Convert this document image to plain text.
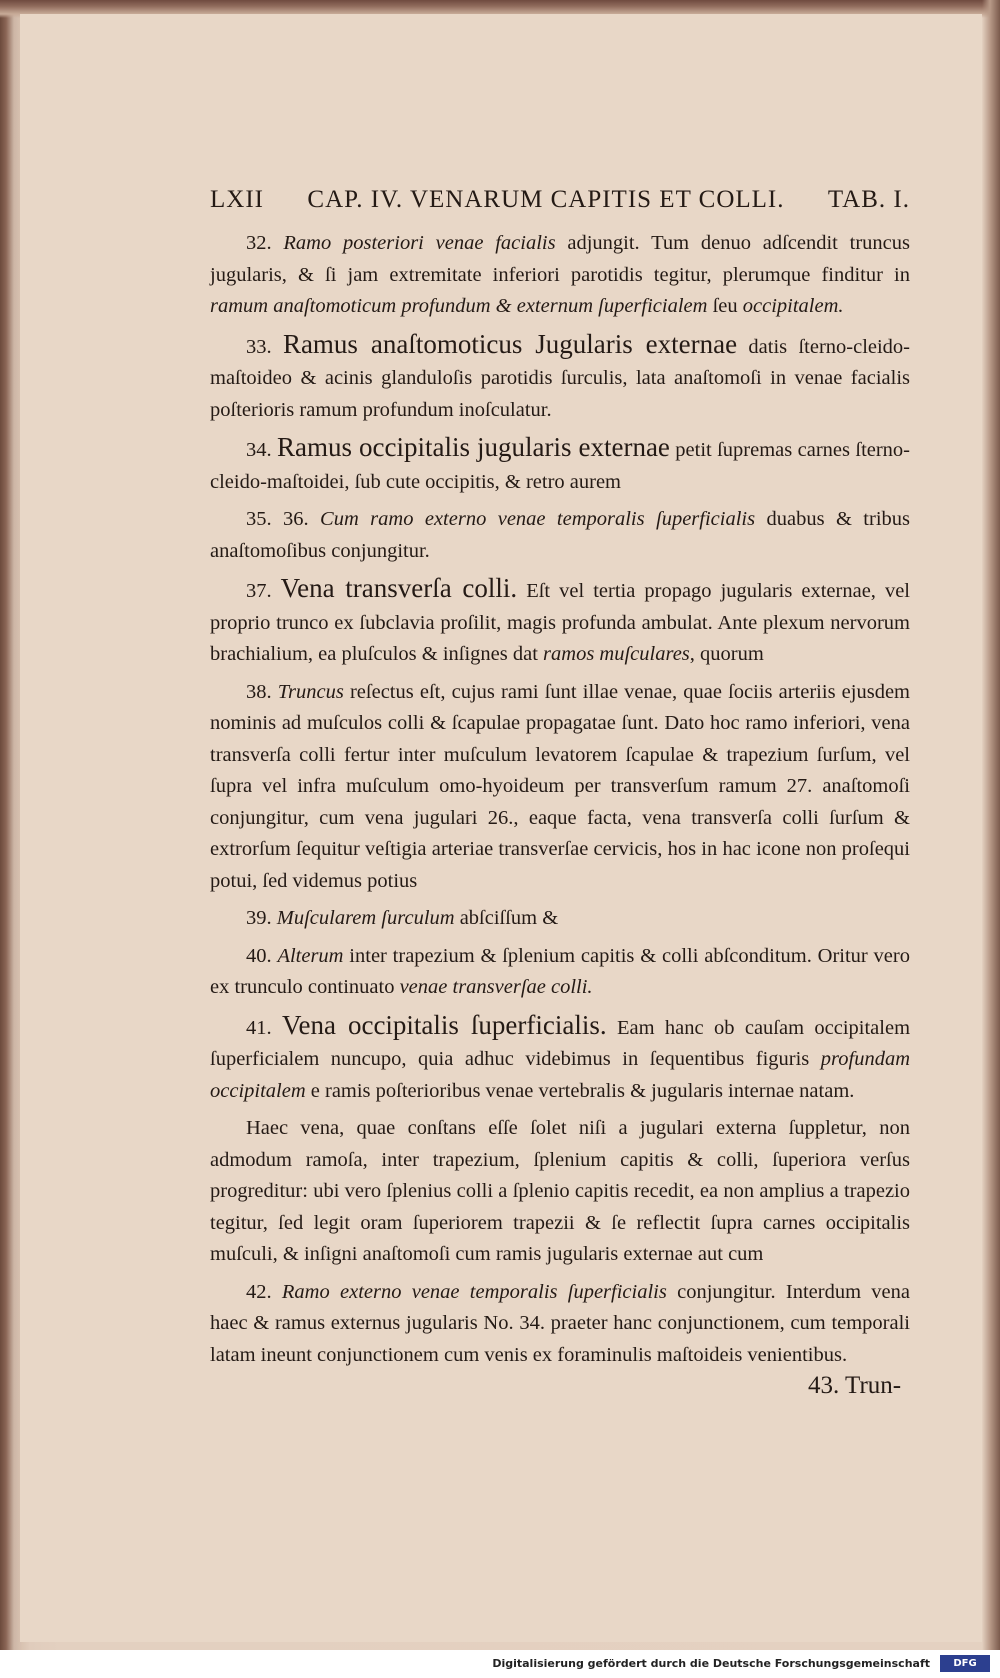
LXII CAP. IV. VENARUM CAPITIS ET COLLI. TAB. I.

32. Ramo posteriori venae facialis adjungit. Tum denuo adſcendit truncus jugularis, & ſi jam extremitate inferiori parotidis tegitur, plerumque finditur in ramum anaſtomoticum profundum & externum ſuperficialem ſeu occipitalem.

33. Ramus anaſtomoticus Jugularis externae datis ſterno-cleido-maſtoideo & acinis glanduloſis parotidis ſurculis, lata anaſtomoſi in venae facialis poſterioris ramum profundum inoſculatur.

34. Ramus occipitalis jugularis externae petit ſupremas carnes ſterno-cleido-maſtoidei, ſub cute occipitis, & retro aurem

35. 36. Cum ramo externo venae temporalis ſuperficialis duabus & tribus anaſtomoſibus conjungitur.

37. Vena transverſa colli. Eſt vel tertia propago jugularis externae, vel proprio trunco ex ſubclavia proſilit, magis profunda ambulat. Ante plexum nervorum brachialium, ea pluſculos & inſignes dat ramos muſculares, quorum

38. Truncus reſectus eſt, cujus rami ſunt illae venae, quae ſociis arteriis ejusdem nominis ad muſculos colli & ſcapulae propagatae ſunt. Dato hoc ramo inferiori, vena transverſa colli fertur inter muſculum levatorem ſcapulae & trapezium ſurſum, vel ſupra vel infra muſculum omo-hyoideum per transverſum ramum 27. anaſtomoſi conjungitur, cum vena jugulari 26., eaque facta, vena transverſa colli ſurſum & extrorſum ſequitur veſtigia arteriae transverſae cervicis, hos in hac icone non proſequi potui, ſed videmus potius

39. Muſcularem ſurculum abſciſſum &

40. Alterum inter trapezium & ſplenium capitis & colli abſconditum. Oritur vero ex trunculo continuato venae transverſae colli.

41. Vena occipitalis ſuperficialis. Eam hanc ob cauſam occipitalem ſuperficialem nuncupo, quia adhuc videbimus in ſequentibus figuris profundam occipitalem e ramis poſterioribus venae vertebralis & jugularis internae natam.

Haec vena, quae conſtans eſſe ſolet niſi a jugulari externa ſuppletur, non admodum ramoſa, inter trapezium, ſplenium capitis & colli, ſuperiora verſus progreditur: ubi vero ſplenius colli a ſplenio capitis recedit, ea non amplius a trapezio tegitur, ſed legit oram ſuperiorem trapezii & ſe reflectit ſupra carnes occipitalis muſculi, & inſigni anaſtomoſi cum ramis jugularis externae aut cum

42. Ramo externo venae temporalis ſuperficialis conjungitur. Interdum vena haec & ramus externus jugularis No. 34. praeter hanc conjunctionem, cum temporali latam ineunt conjunctionem cum venis ex foraminulis maſtoideis venientibus.

43. Trun-
Digitalisierung gefördert durch die Deutsche Forschungsgemeinschaft	DFG
